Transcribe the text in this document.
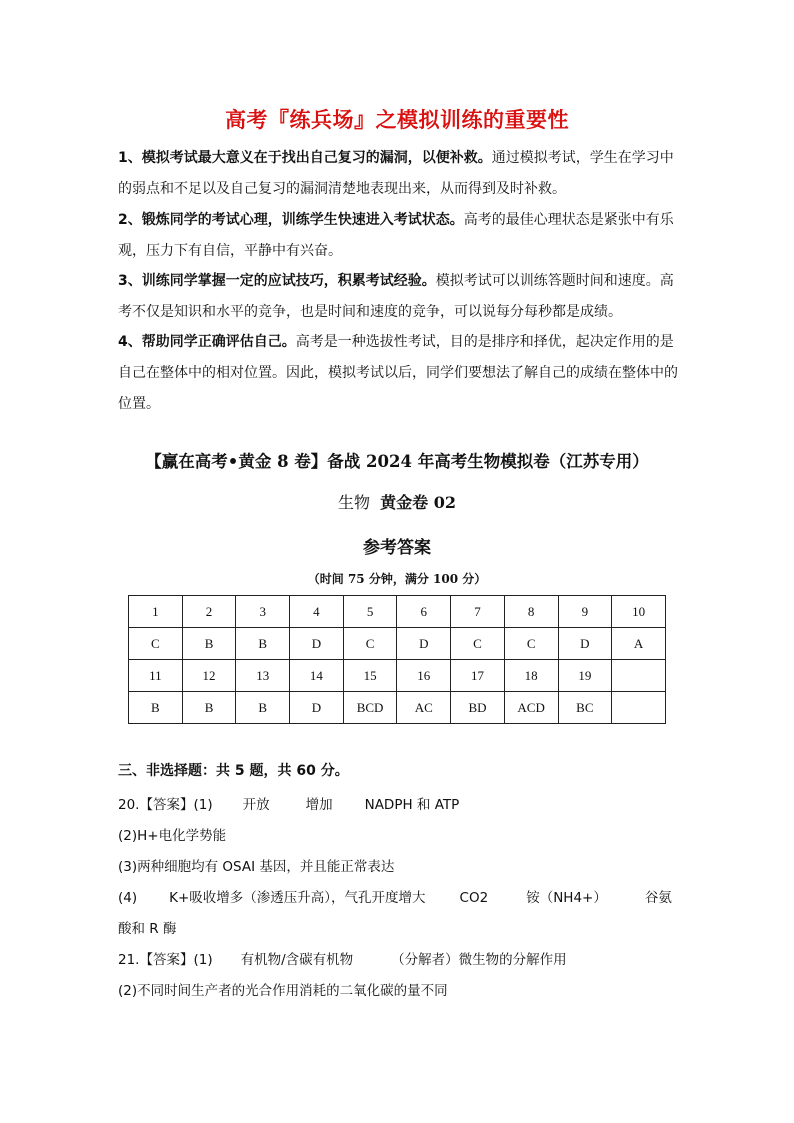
高考『练兵场』之模拟训练的重要性

1、模拟考试最大意义在于找出自己复习的漏洞，以便补救。通过模拟考试，学生在学习中的弱点和不足以及自己复习的漏洞清楚地表现出来，从而得到及时补救。

2、锻炼同学的考试心理，训练学生快速进入考试状态。高考的最佳心理状态是紧张中有乐观，压力下有自信，平静中有兴奋。

3、训练同学掌握一定的应试技巧，积累考试经验。模拟考试可以训练答题时间和速度。高考不仅是知识和水平的竞争，也是时间和速度的竞争，可以说每分每秒都是成绩。

4、帮助同学正确评估自己。高考是一种选拔性考试，目的是排序和择优，起决定作用的是自己在整体中的相对位置。因此，模拟考试以后，同学们要想法了解自己的成绩在整体中的位置。

【赢在高考•黄金 8 卷】备战 2024 年高考生物模拟卷（江苏专用）
生物 黄金卷 02
参考答案
（时间 75 分钟，满分 100 分）
1	2	3	4	5	6	7	8	9	10
C	B	B	D	C	D	C	C	D	A
11	12	13	14	15	16	17	18	19	
B	B	B	D	BCD	AC	BD	ACD	BC	
三、非选择题：共 5 题，共 60 分。
20.【答案】(1) 开放	增加 NADPH 和 ATP
(2)H+电化学势能
(3)两种细胞均有 OSAI 基因，并且能正常表达
(4) K+吸收增多（渗透压升高），气孔开度增大	CO2	铵（NH4+）	谷氨
酸和 R 酶
21.【答案】(1) 有机物/含碳有机物	（分解者）微生物的分解作用
(2)不同时间生产者的光合作用消耗的二氧化碳的量不同
